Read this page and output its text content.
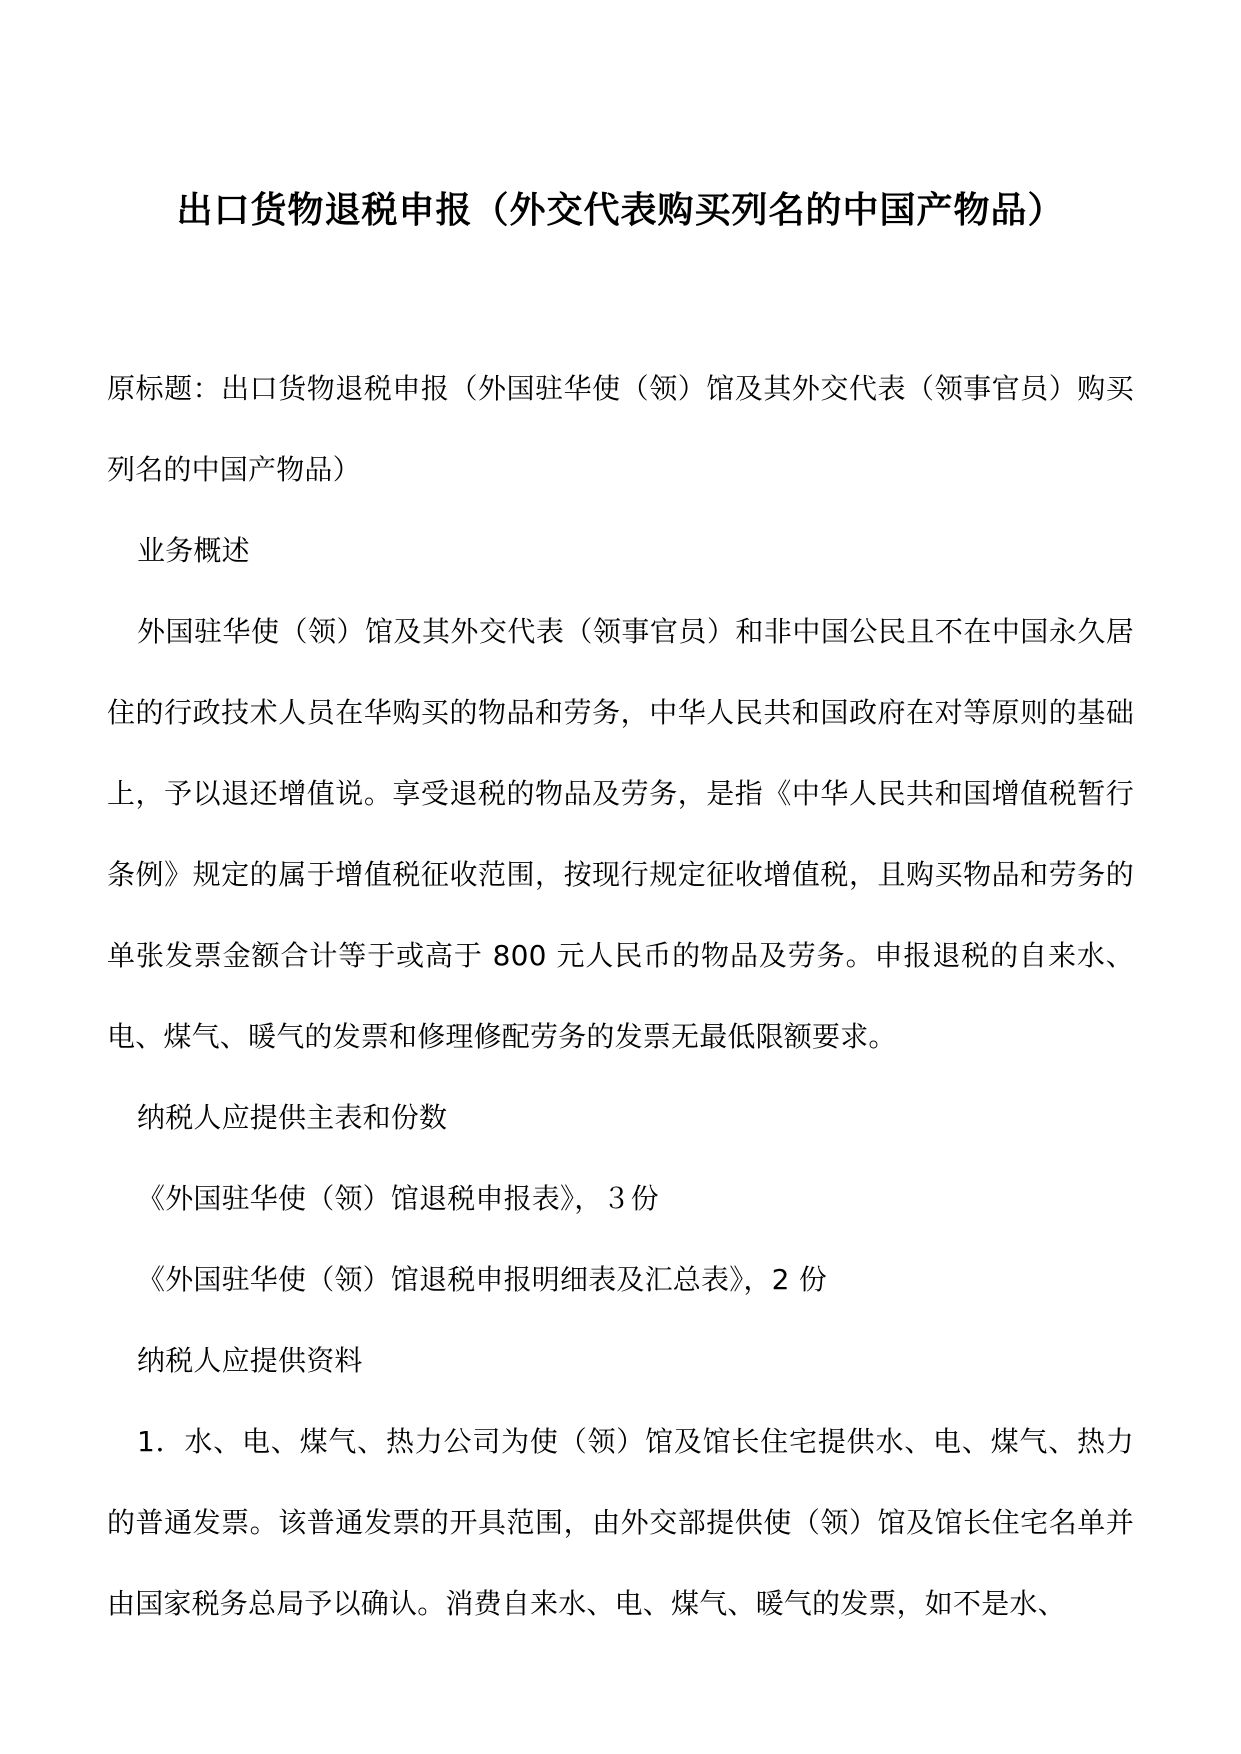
出口货物退税申报（外交代表购买列名的中国产物品）

原标题：出口货物退税申报（外国驻华使（领）馆及其外交代表（领事官员）购买列名的中国产物品）

业务概述

外国驻华使（领）馆及其外交代表（领事官员）和非中国公民且不在中国永久居住的行政技术人员在华购买的物品和劳务，中华人民共和国政府在对等原则的基础上，予以退还增值说。享受退税的物品及劳务，是指《中华人民共和国增值税暂行条例》规定的属于增值税征收范围，按现行规定征收增值税，且购买物品和劳务的单张发票金额合计等于或高于 800 元人民币的物品及劳务。申报退税的自来水、电、煤气、暖气的发票和修理修配劳务的发票无最低限额要求。

纳税人应提供主表和份数

《外国驻华使（领）馆退税申报表》，３份

《外国驻华使（领）馆退税申报明细表及汇总表》，2 份

纳税人应提供资料

1．水、电、煤气、热力公司为使（领）馆及馆长住宅提供水、电、煤气、热力的普通发票。该普通发票的开具范围，由外交部提供使（领）馆及馆长住宅名单并由国家税务总局予以确认。消费自来水、电、煤气、暖气的发票，如不是水、
